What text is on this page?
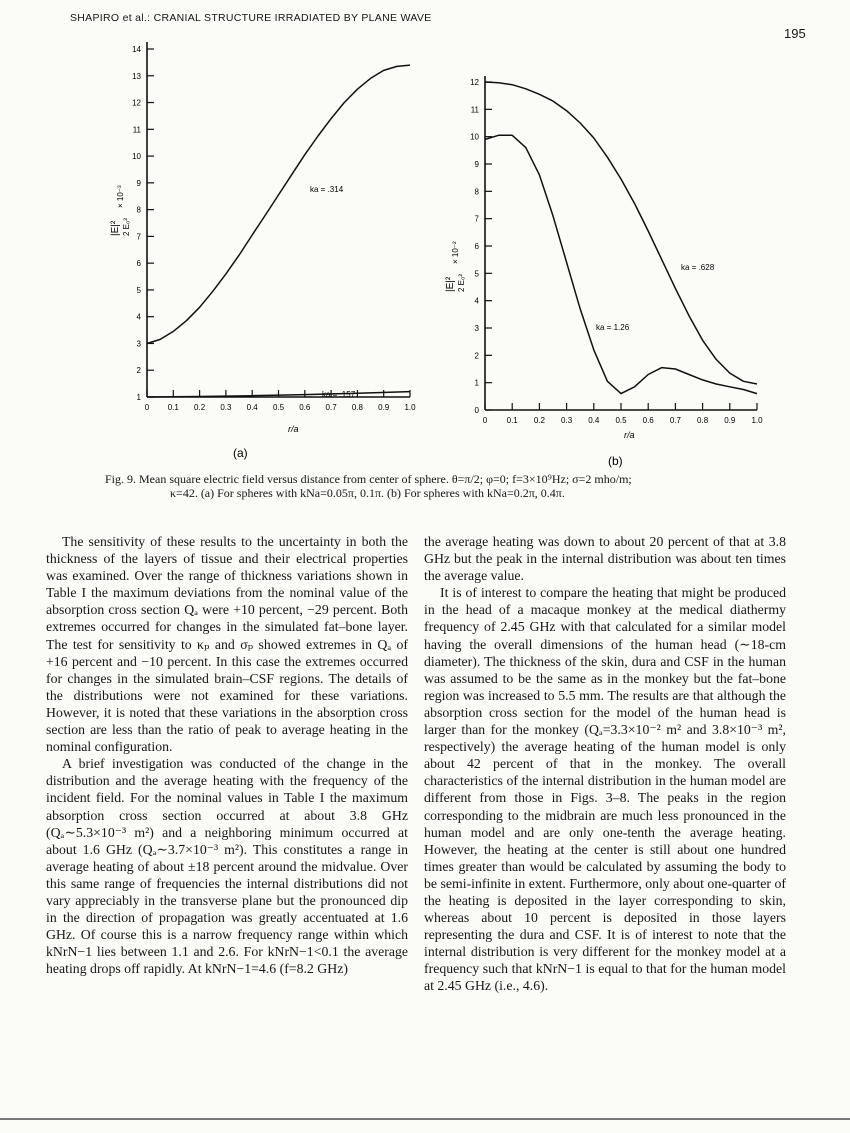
SHAPIRO et al.: CRANIAL STRUCTURE IRRADIATED BY PLANE WAVE
195
0 0.1 0.2 0.3 0.4 0.5 0.6 0.7 0.8 0.9 1.0
1
2
3
4
5
6
7
8
9
10
11
12
13
14
|E|² 2 E₀²
× 10⁻³
r/a
ka = .314
ka = .157
(a)
0 0.1 0.2 0.3 0.4 0.5 0.6 0.7 0.8 0.9 1.0
0
1
2
3
4
5
6
7
8
9
10
11
12
|E|² 2 E₀²
× 10⁻²
r/a
ka = .628
ka = 1.26
(b)
Fig. 9. Mean square electric field versus distance from center of sphere. θ=π/2; φ=0; f=3×10⁹Hz; σ=2 mho/m;
κ=42. (a) For spheres with kNa=0.05π, 0.1π. (b) For spheres with kNa=0.2π, 0.4π.

The sensitivity of these results to the uncertainty in both the thickness of the layers of tissue and their electrical properties was examined. Over the range of thickness variations shown in Table I the maximum deviations from the nominal value of the absorption cross section Qₐ were +10 percent, −29 percent. Both extremes occurred for changes in the simulated fat–bone layer. The test for sensitivity to κₚ and σₚ showed extremes in Qₐ of +16 percent and −10 percent. In this case the extremes occurred for changes in the simulated brain–CSF regions. The details of the distributions were not examined for these variations. However, it is noted that these variations in the absorption cross section are less than the ratio of peak to average heating in the nominal configuration.

A brief investigation was conducted of the change in the distribution and the average heating with the frequency of the incident field. For the nominal values in Table I the maximum absorption cross section occurred at about 3.8 GHz (Qₐ∼5.3×10⁻³ m²) and a neighboring minimum occurred at about 1.6 GHz (Qₐ∼3.7×10⁻³ m²). This constitutes a range in average heating of about ±18 percent around the midvalue. Over this same range of frequencies the internal distributions did not vary appreciably in the transverse plane but the pronounced dip in the direction of propagation was greatly accentuated at 1.6 GHz. Of course this is a narrow frequency range within which kNrN−1 lies between 1.1 and 2.6. For kNrN−1<0.1 the average heating drops off rapidly. At kNrN−1=4.6 (f=8.2 GHz)

the average heating was down to about 20 percent of that at 3.8 GHz but the peak in the internal distribution was about ten times the average value.

It is of interest to compare the heating that might be produced in the head of a macaque monkey at the medical diathermy frequency of 2.45 GHz with that calculated for a similar model having the overall dimensions of the human head (∼18-cm diameter). The thickness of the skin, dura and CSF in the human was assumed to be the same as in the monkey but the fat–bone region was increased to 5.5 mm. The results are that although the absorption cross section for the model of the human head is larger than for the monkey (Qₐ=3.3×10⁻² m² and 3.8×10⁻³ m², respectively) the average heating of the human model is only about 42 percent of that in the monkey. The overall characteristics of the internal distribution in the human model are different from those in Figs. 3–8. The peaks in the region corresponding to the midbrain are much less pronounced in the human model and are only one-tenth the average heating. However, the heating at the center is still about one hundred times greater than would be calculated by assuming the body to be semi-infinite in extent. Furthermore, only about one-quarter of the heating is deposited in the layer corresponding to skin, whereas about 10 percent is deposited in those layers representing the dura and CSF. It is of interest to note that the internal distribution is very different for the monkey model at a frequency such that kNrN−1 is equal to that for the human model at 2.45 GHz (i.e., 4.6).
